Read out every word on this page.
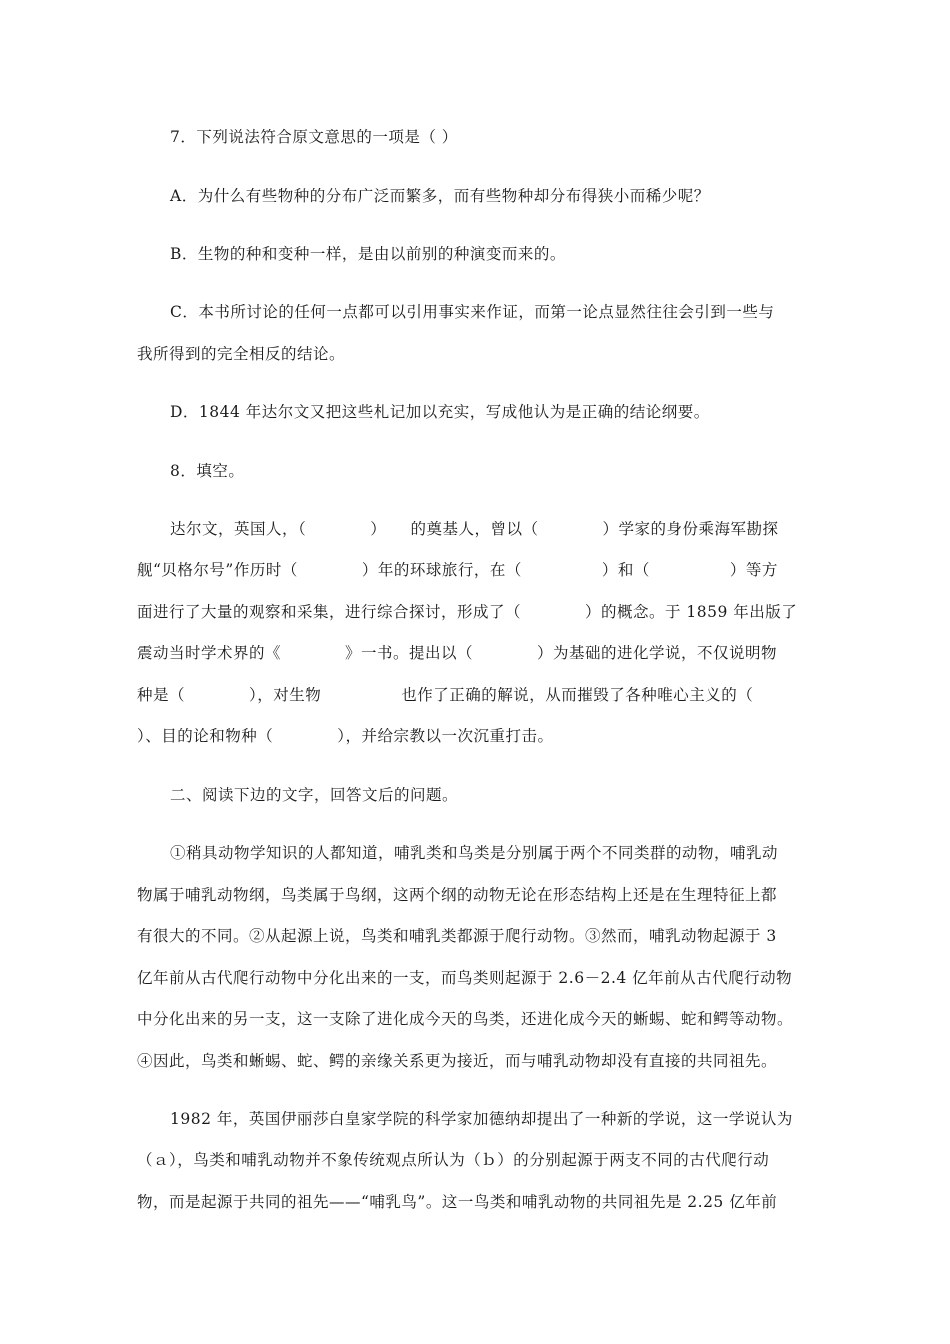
7．下列说法符合原文意思的一项是（ ）
A．为什么有些物种的分布广泛而繁多，而有些物种却分布得狭小而稀少呢？
B．生物的种和变种一样，是由以前别的种演变而来的。
C．本书所讨论的任何一点都可以引用事实来作证，而第一论点显然往往会引到一些与
我所得到的完全相反的结论。
D．1844 年达尔文又把这些札记加以充实，写成他认为是正确的结论纲要。
8．填空。
达尔文，英国人，（　　　　）　　的奠基人，曾以（　　　　）学家的身份乘海军勘探
舰“贝格尔号”作历时（　　　　）年的环球旅行，在（　　　　　）和（　　　　　）等方
面进行了大量的观察和采集，进行综合探讨，形成了（　　　　）的概念。于 1859 年出版了
震动当时学术界的《　　　　》一书。提出以（　　　　）为基础的进化学说，不仅说明物
种是（　　　　），对生物　　　　　也作了正确的解说，从而摧毁了各种唯心主义的（
）、目的论和物种（　　　　），并给宗教以一次沉重打击。
二、阅读下边的文字，回答文后的问题。
①稍具动物学知识的人都知道，哺乳类和鸟类是分别属于两个不同类群的动物，哺乳动
物属于哺乳动物纲，鸟类属于鸟纲，这两个纲的动物无论在形态结构上还是在生理特征上都
有很大的不同。②从起源上说，鸟类和哺乳类都源于爬行动物。③然而，哺乳动物起源于 3
亿年前从古代爬行动物中分化出来的一支，而鸟类则起源于 2.6－2.4 亿年前从古代爬行动物
中分化出来的另一支，这一支除了进化成今天的鸟类，还进化成今天的蜥蜴、蛇和鳄等动物。
④因此，鸟类和蜥蜴、蛇、鳄的亲缘关系更为接近，而与哺乳动物却没有直接的共同祖先。
1982 年，英国伊丽莎白皇家学院的科学家加德纳却提出了一种新的学说，这一学说认为
（ａ），鸟类和哺乳动物并不象传统观点所认为（ｂ）的分别起源于两支不同的古代爬行动
物，而是起源于共同的祖先——“哺乳鸟”。这一鸟类和哺乳动物的共同祖先是 2.25 亿年前
